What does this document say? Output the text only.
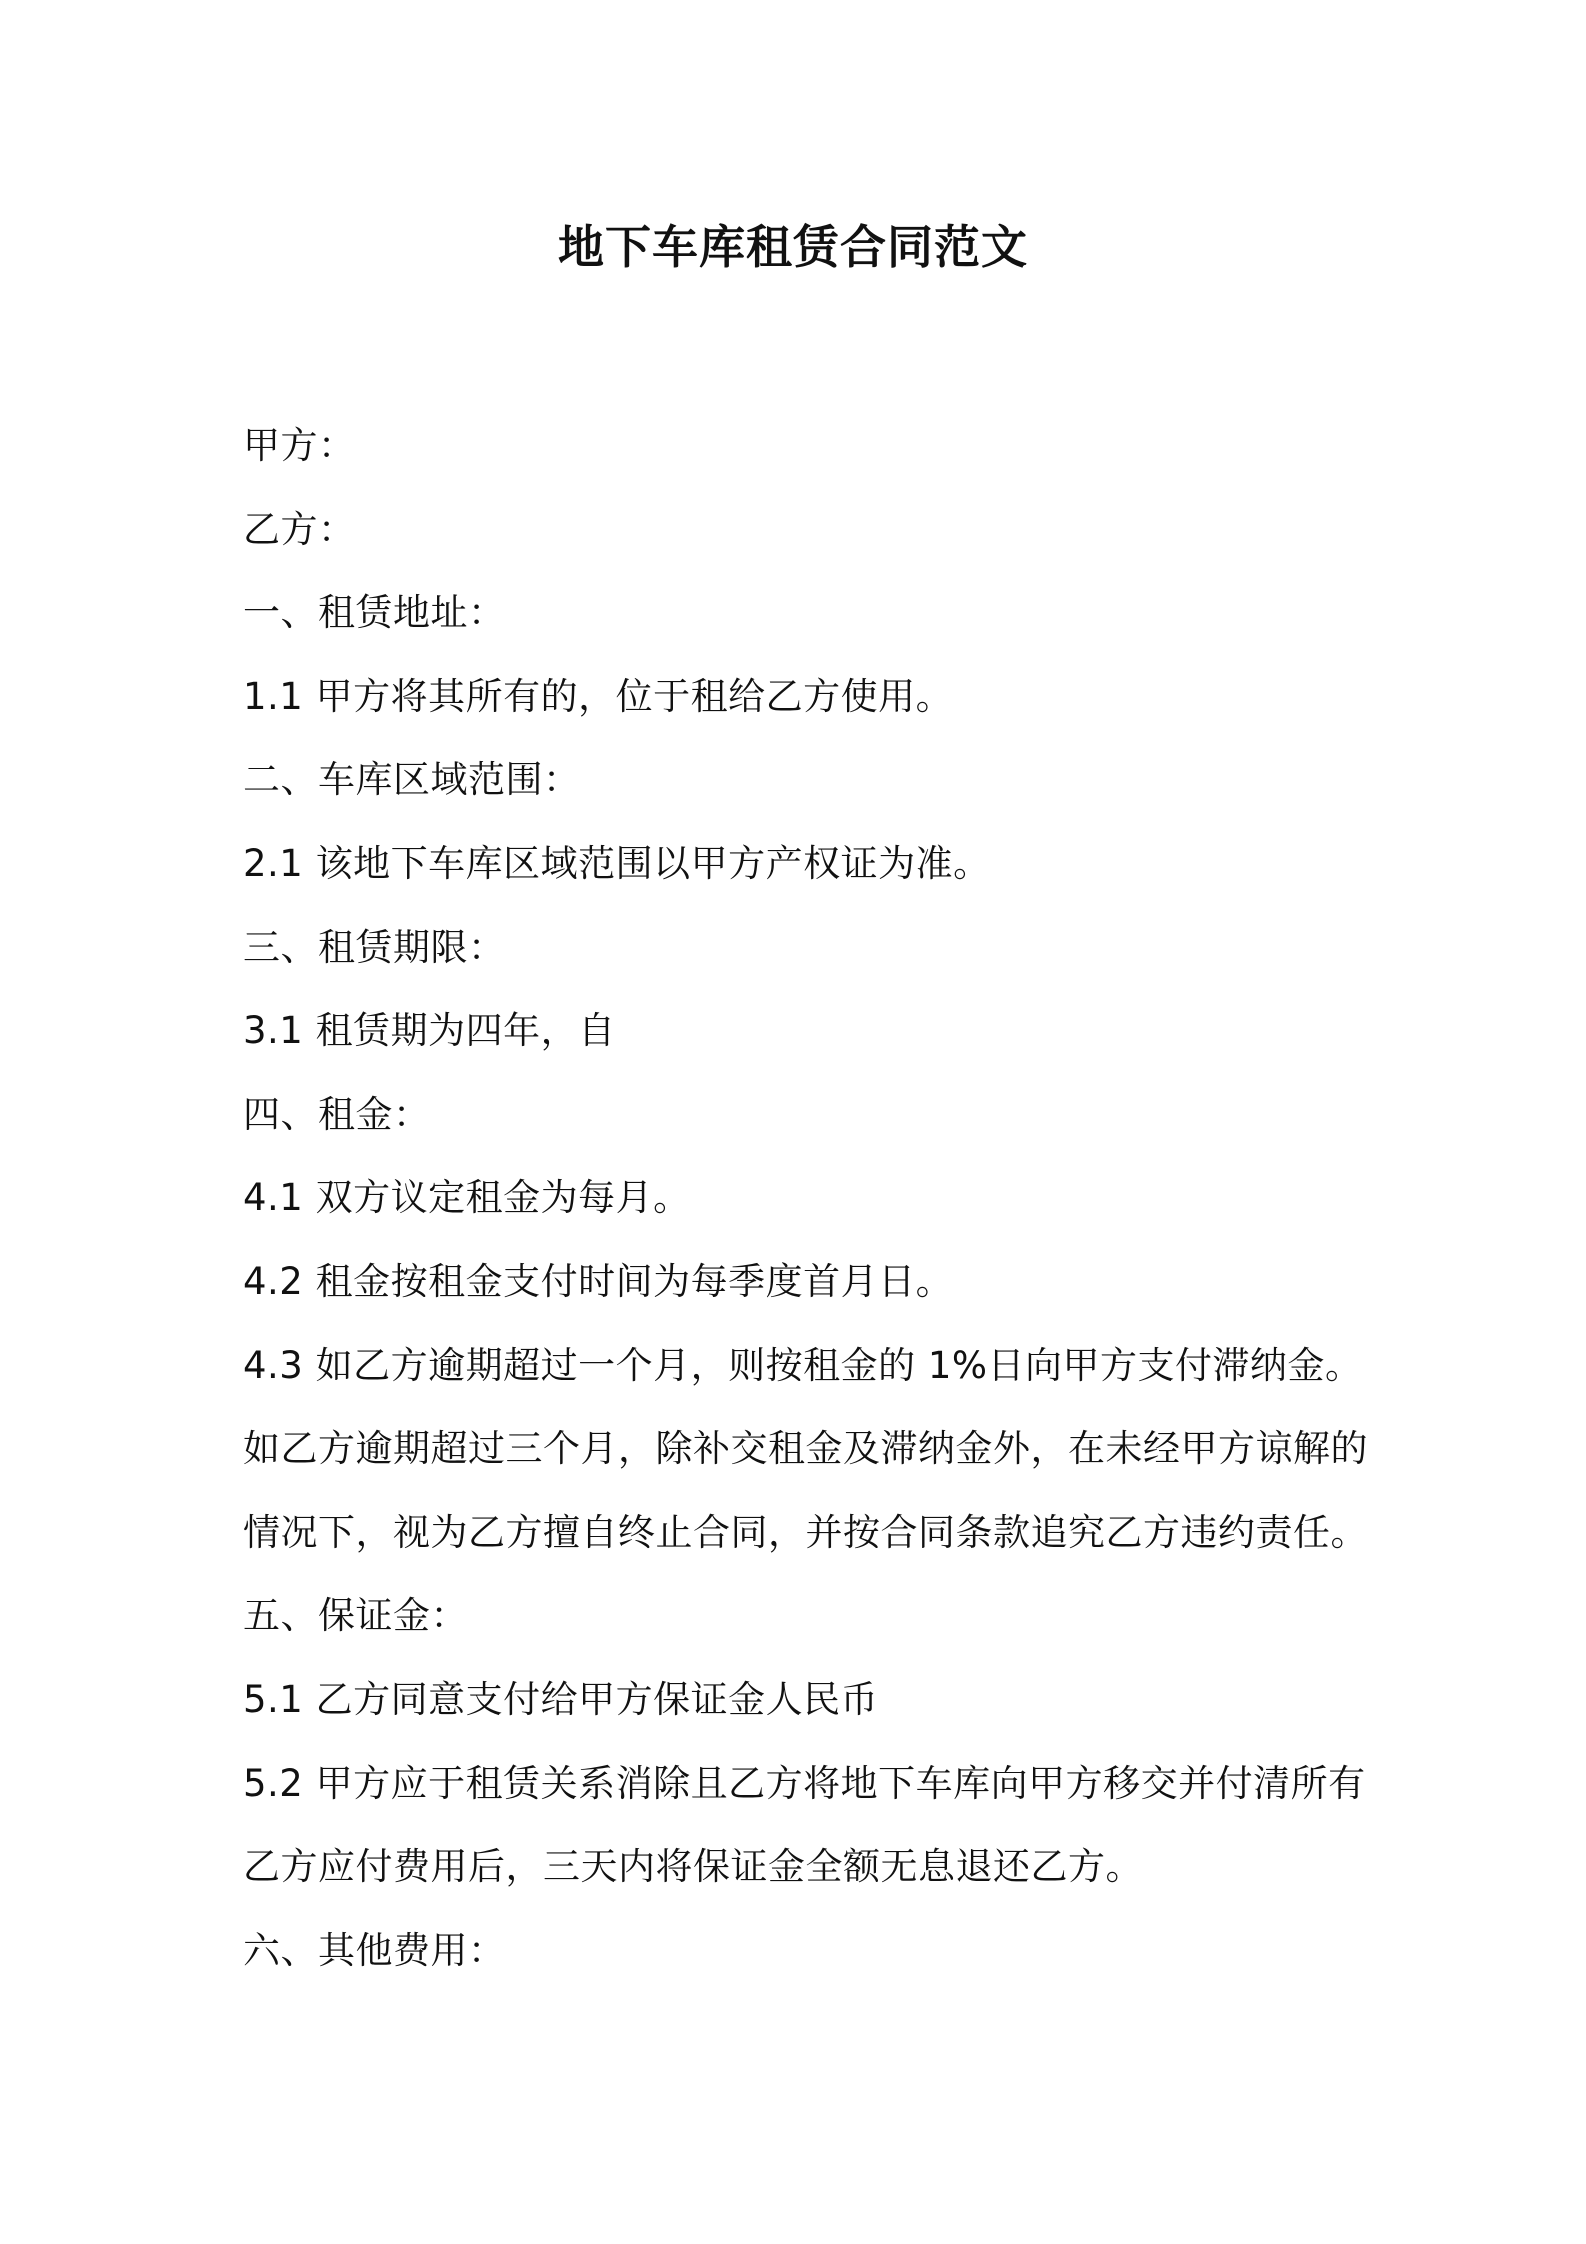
地下车库租赁合同范文
甲方：
乙方：
一、租赁地址：
1.1 甲方将其所有的，位于租给乙方使用。
二、车库区域范围：
2.1 该地下车库区域范围以甲方产权证为准。
三、租赁期限：
3.1 租赁期为四年，自
四、租金：
4.1 双方议定租金为每月。
4.2 租金按租金支付时间为每季度首月日。
4.3 如乙方逾期超过一个月，则按租金的 1%日向甲方支付滞纳金。
如乙方逾期超过三个月，除补交租金及滞纳金外，在未经甲方谅解的
情况下，视为乙方擅自终止合同，并按合同条款追究乙方违约责任。
五、保证金：
5.1 乙方同意支付给甲方保证金人民币
5.2 甲方应于租赁关系消除且乙方将地下车库向甲方移交并付清所有
乙方应付费用后，三天内将保证金全额无息退还乙方。
六、其他费用：
